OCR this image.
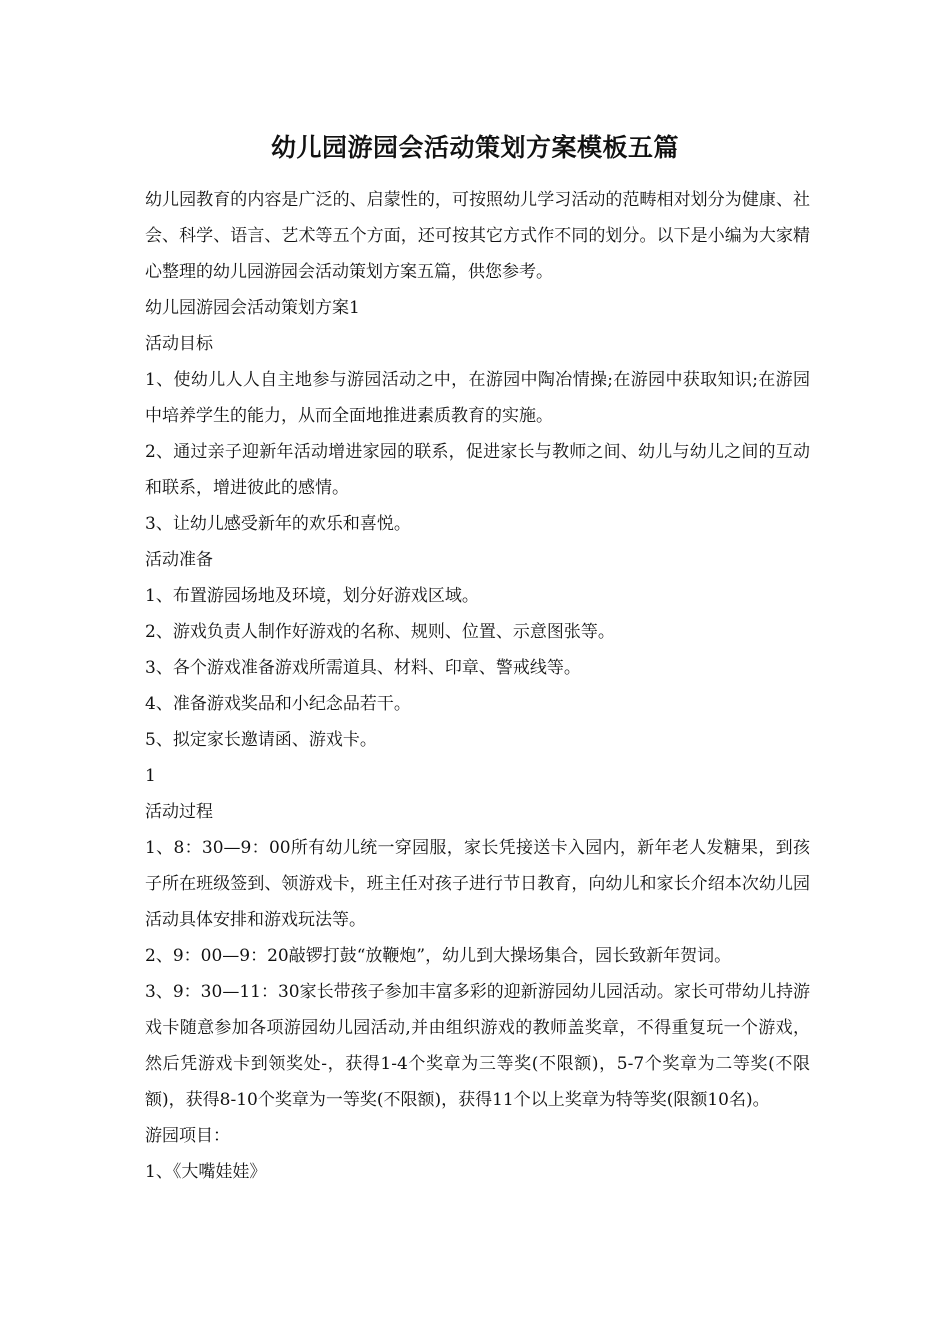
幼儿园游园会活动策划方案模板五篇

幼儿园教育的内容是广泛的、启蒙性的，可按照幼儿学习活动的范畴相对划分为健康、社会、科学、语言、艺术等五个方面，还可按其它方式作不同的划分。以下是小编为大家精心整理的幼儿园游园会活动策划方案五篇，供您参考。

幼儿园游园会活动策划方案1

活动目标

1、使幼儿人人自主地参与游园活动之中，在游园中陶冶情操;在游园中获取知识;在游园中培养学生的能力，从而全面地推进素质教育的实施。

2、通过亲子迎新年活动增进家园的联系，促进家长与教师之间、幼儿与幼儿之间的互动和联系，增进彼此的感情。

3、让幼儿感受新年的欢乐和喜悦。

活动准备

1、布置游园场地及环境，划分好游戏区域。

2、游戏负责人制作好游戏的名称、规则、位置、示意图张等。

3、各个游戏准备游戏所需道具、材料、印章、警戒线等。

4、准备游戏奖品和小纪念品若干。

5、拟定家长邀请函、游戏卡。

1

活动过程

1、8：30—9：00所有幼儿统一穿园服，家长凭接送卡入园内，新年老人发糖果，到孩子所在班级签到、领游戏卡，班主任对孩子进行节日教育，向幼儿和家长介绍本次幼儿园活动具体安排和游戏玩法等。

2、9：00—9：20敲锣打鼓“放鞭炮”，幼儿到大操场集合，园长致新年贺词。

3、9：30—11：30家长带孩子参加丰富多彩的迎新游园幼儿园活动。家长可带幼儿持游戏卡随意参加各项游园幼儿园活动,并由组织游戏的教师盖奖章，不得重复玩一个游戏，然后凭游戏卡到领奖处-，获得1-4个奖章为三等奖(不限额)，5-7个奖章为二等奖(不限额)，获得8-10个奖章为一等奖(不限额)，获得11个以上奖章为特等奖(限额10名)。

游园项目：

1、《大嘴娃娃》
